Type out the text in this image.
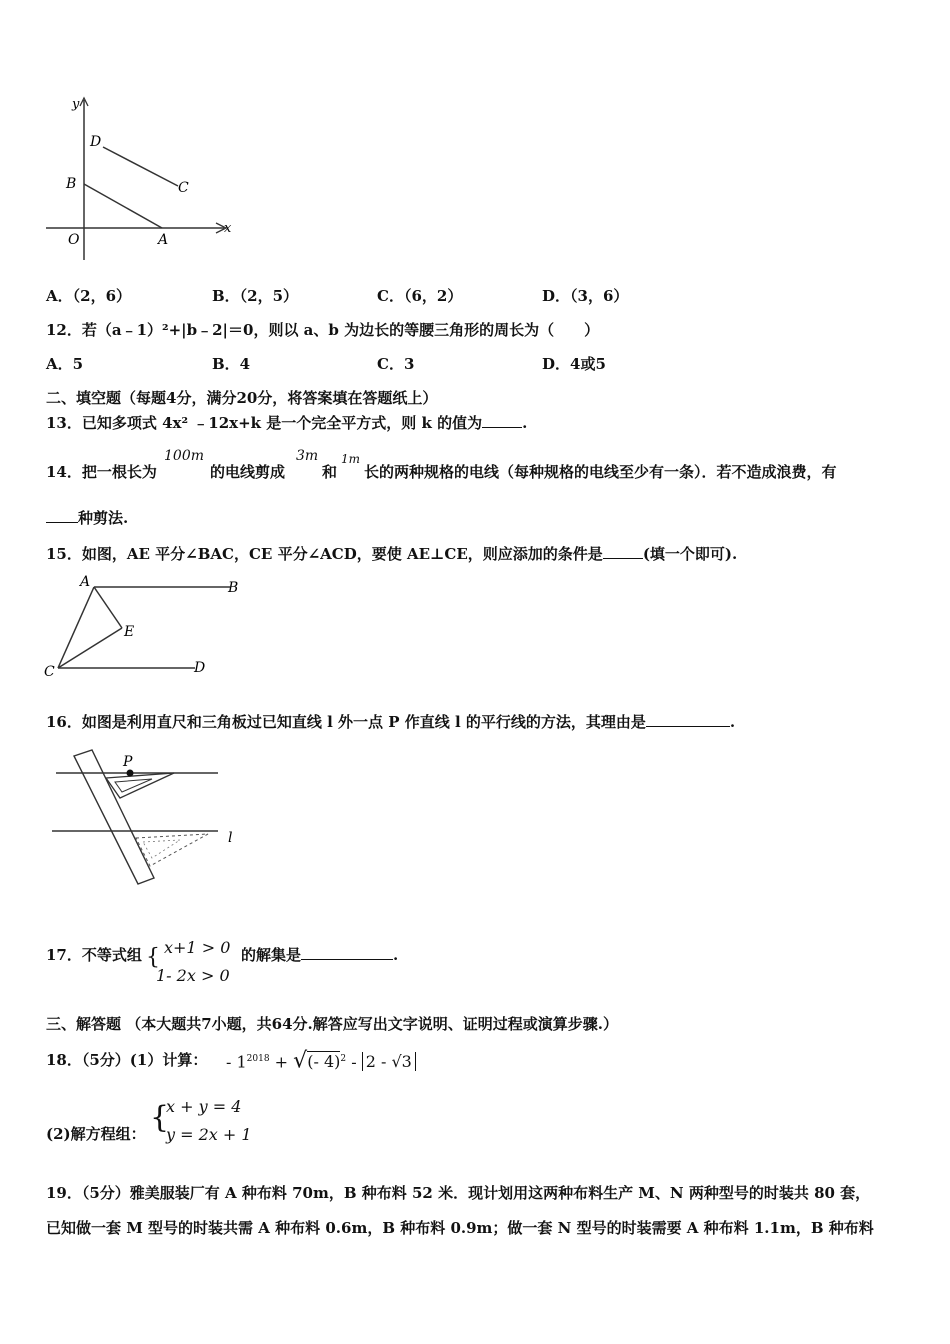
y
x
O	A
B	C
D
A．（2，6）	B．（2，5）	C．（6，2）	D．（3，6）
12．若（a﹣1）²+|b﹣2|＝0，则以 a、b 为边长的等腰三角形的周长为（　　）
A．5	B．4	C．3	D．4或5
二、填空题（每题4分，满分20分，将答案填在答题纸上）
13．已知多项式 4x² ﹣12x+k 是一个完全平方式，则 k 的值为	.
14．把一根长为
100m
的电线剪成
3m
和
1m
长的两种规格的电线（每种规格的电线至少有一条）．若不造成浪费，有
种剪法.
15．如图，AE 平分∠BAC，CE 平分∠ACD，要使 AE⊥CE，则应添加的条件是	(填一个即可).
A	B
C	D
E
16．如图是利用直尺和三角板过已知直线 l 外一点 P 作直线 l 的平行线的方法，其理由是	.
P
l
17．不等式组 { x+1 > 0
1- 2x > 0
的解集是	.
三、解答题 （本大题共7小题，共64分.解答应写出文字说明、证明过程或演算步骤.）
18．（5分）(1）计算： - $1^{2018}$ + √(- 4)$^2$ - 2 - √3
(2)解方程组： {
x + y = 4
y = 2x + 1
19．（5分）雅美服装厂有 A 种布料 70m，B 种布料 52 米．现计划用这两种布料生产 M、N 两种型号的时装共 80 套，
已知做一套 M 型号的时装共需 A 种布料 0.6m，B 种布料 0.9m；做一套 N 型号的时装需要 A 种布料 1.1m，B 种布料
